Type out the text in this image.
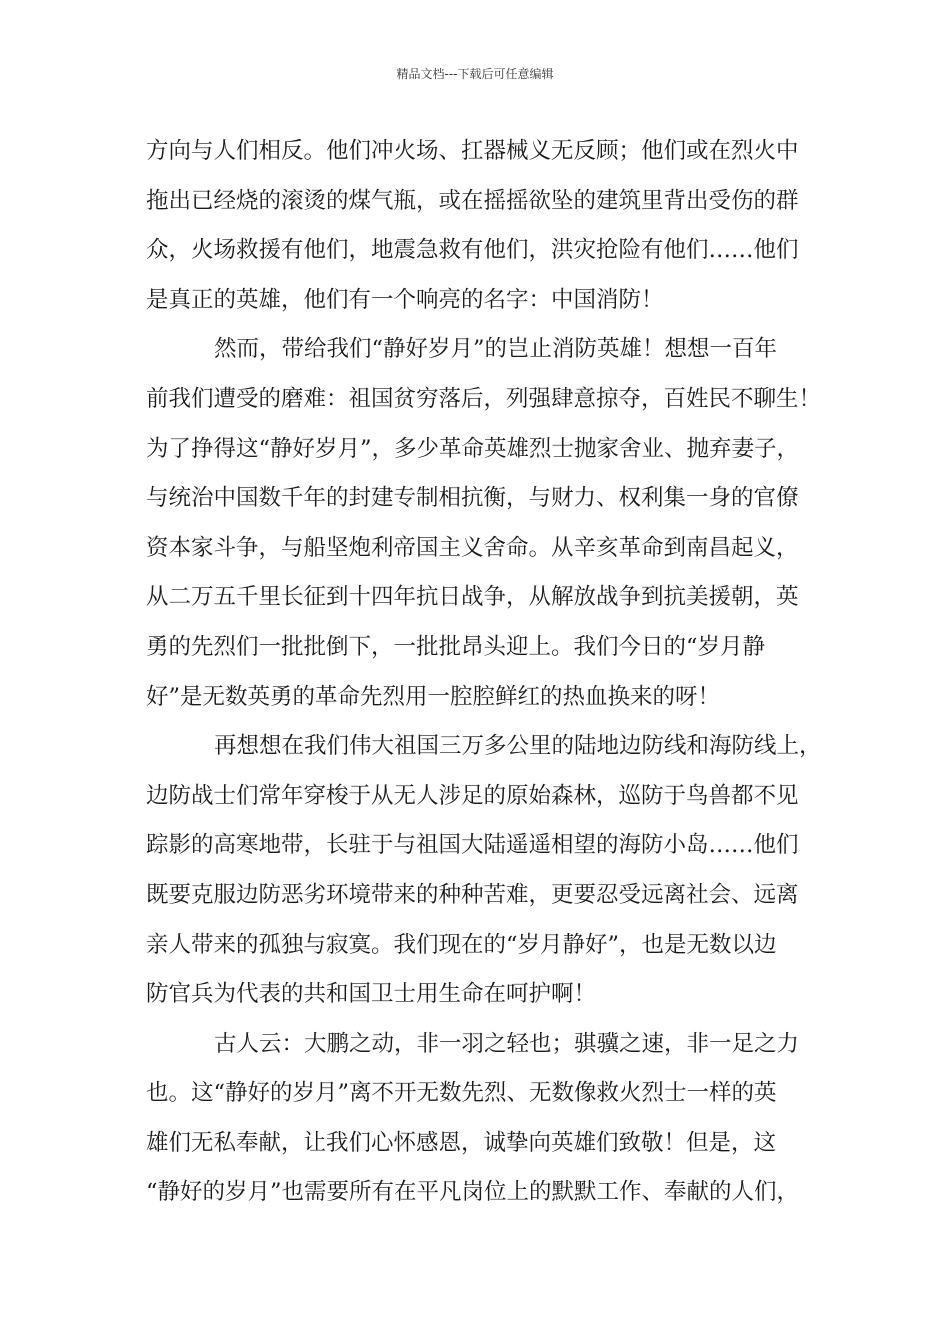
精品文档---下载后可任意编辑
方向与人们相反。他们冲火场、扛器械义无反顾；他们或在烈火中
拖出已经烧的滚烫的煤气瓶，或在摇摇欲坠的建筑里背出受伤的群
众，火场救援有他们，地震急救有他们，洪灾抢险有他们……他们
是真正的英雄，他们有一个响亮的名字：中国消防！
然而，带给我们“静好岁月”的岂止消防英雄！想想一百年
前我们遭受的磨难：祖国贫穷落后，列强肆意掠夺，百姓民不聊生！
为了挣得这“静好岁月”，多少革命英雄烈士抛家舍业、抛弃妻子，
与统治中国数千年的封建专制相抗衡，与财力、权利集一身的官僚
资本家斗争，与船坚炮利帝国主义舍命。从辛亥革命到南昌起义，
从二万五千里长征到十四年抗日战争，从解放战争到抗美援朝，英
勇的先烈们一批批倒下，一批批昂头迎上。我们今日的“岁月静
好”是无数英勇的革命先烈用一腔腔鲜红的热血换来的呀！
再想想在我们伟大祖国三万多公里的陆地边防线和海防线上，
边防战士们常年穿梭于从无人涉足的原始森林，巡防于鸟兽都不见
踪影的高寒地带，长驻于与祖国大陆遥遥相望的海防小岛……他们
既要克服边防恶劣环境带来的种种苦难，更要忍受远离社会、远离
亲人带来的孤独与寂寞。我们现在的“岁月静好”，也是无数以边
防官兵为代表的共和国卫士用生命在呵护啊！
古人云：大鹏之动，非一羽之轻也；骐骥之速，非一足之力
也。这“静好的岁月”离不开无数先烈、无数像救火烈士一样的英
雄们无私奉献，让我们心怀感恩，诚挚向英雄们致敬！但是，这
“静好的岁月”也需要所有在平凡岗位上的默默工作、奉献的人们，
